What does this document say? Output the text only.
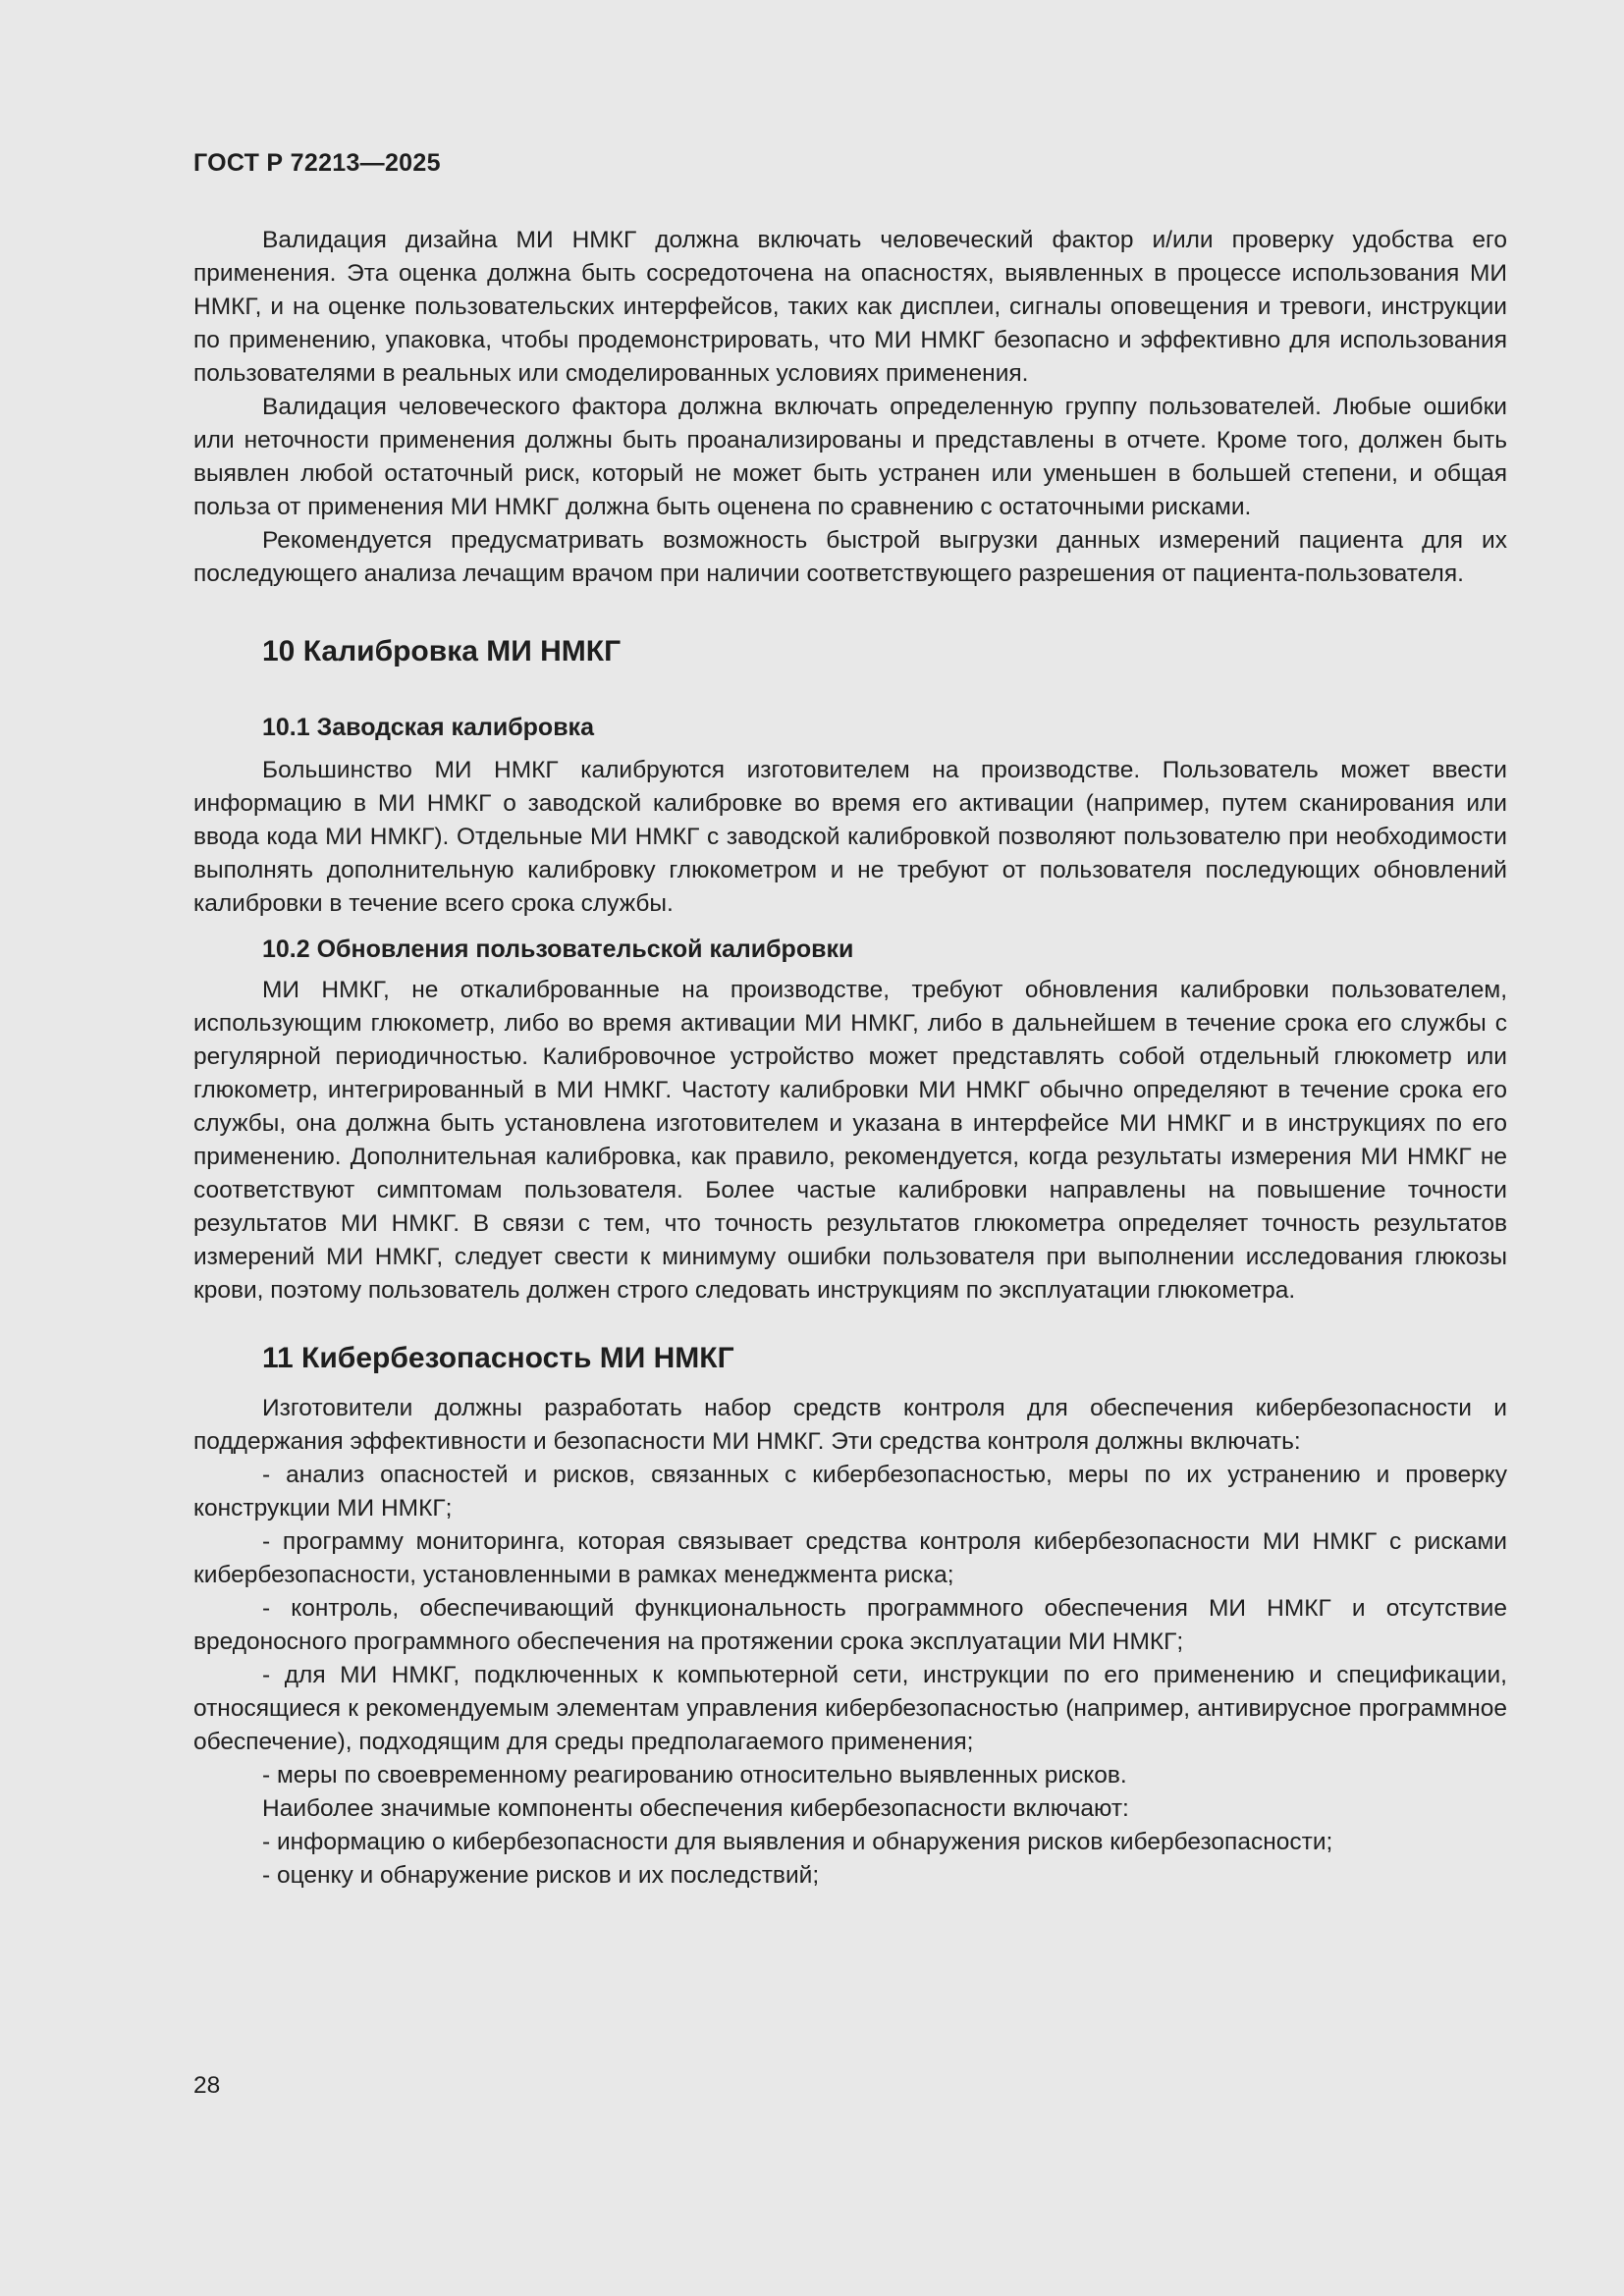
ГОСТ Р 72213—2025

Валидация дизайна МИ НМКГ должна включать человеческий фактор и/или проверку удобства его применения. Эта оценка должна быть сосредоточена на опасностях, выявленных в процессе использования МИ НМКГ, и на оценке пользовательских интерфейсов, таких как дисплеи, сигналы оповещения и тревоги, инструкции по применению, упаковка, чтобы продемонстрировать, что МИ НМКГ безопасно и эффективно для использования пользователями в реальных или смоделированных условиях применения.

Валидация человеческого фактора должна включать определенную группу пользователей. Любые ошибки или неточности применения должны быть проанализированы и представлены в отчете. Кроме того, должен быть выявлен любой остаточный риск, который не может быть устранен или уменьшен в большей степени, и общая польза от применения МИ НМКГ должна быть оценена по сравнению с остаточными рисками.

Рекомендуется предусматривать возможность быстрой выгрузки данных измерений пациента для их последующего анализа лечащим врачом при наличии соответствующего разрешения от пациента-пользователя.

10 Калибровка МИ НМКГ
10.1 Заводская калибровка

Большинство МИ НМКГ калибруются изготовителем на производстве. Пользователь может ввести информацию в МИ НМКГ о заводской калибровке во время его активации (например, путем сканирования или ввода кода МИ НМКГ). Отдельные МИ НМКГ с заводской калибровкой позволяют пользователю при необходимости выполнять дополнительную калибровку глюкометром и не требуют от пользователя последующих обновлений калибровки в течение всего срока службы.

10.2 Обновления пользовательской калибровки

МИ НМКГ, не откалиброванные на производстве, требуют обновления калибровки пользователем, использующим глюкометр, либо во время активации МИ НМКГ, либо в дальнейшем в течение срока его службы с регулярной периодичностью. Калибровочное устройство может представлять собой отдельный глюкометр или глюкометр, интегрированный в МИ НМКГ. Частоту калибровки МИ НМКГ обычно определяют в течение срока его службы, она должна быть установлена изготовителем и указана в интерфейсе МИ НМКГ и в инструкциях по его применению. Дополнительная калибровка, как правило, рекомендуется, когда результаты измерения МИ НМКГ не соответствуют симптомам пользователя. Более частые калибровки направлены на повышение точности результатов МИ НМКГ. В связи с тем, что точность результатов глюкометра определяет точность результатов измерений МИ НМКГ, следует свести к минимуму ошибки пользователя при выполнении исследования глюкозы крови, поэтому пользователь должен строго следовать инструкциям по эксплуатации глюкометра.

11 Кибербезопасность МИ НМКГ

Изготовители должны разработать набор средств контроля для обеспечения кибербезопасности и поддержания эффективности и безопасности МИ НМКГ. Эти средства контроля должны включать:

- анализ опасностей и рисков, связанных с кибербезопасностью, меры по их устранению и проверку конструкции МИ НМКГ;

- программу мониторинга, которая связывает средства контроля кибербезопасности МИ НМКГ с рисками кибербезопасности, установленными в рамках менеджмента риска;

- контроль, обеспечивающий функциональность программного обеспечения МИ НМКГ и отсутствие вредоносного программного обеспечения на протяжении срока эксплуатации МИ НМКГ;

- для МИ НМКГ, подключенных к компьютерной сети, инструкции по его применению и спецификации, относящиеся к рекомендуемым элементам управления кибербезопасностью (например, антивирусное программное обеспечение), подходящим для среды предполагаемого применения;

- меры по своевременному реагированию относительно выявленных рисков.

Наиболее значимые компоненты обеспечения кибербезопасности включают:

- информацию о кибербезопасности для выявления и обнаружения рисков кибербезопасности;

- оценку и обнаружение рисков и их последствий;

28
